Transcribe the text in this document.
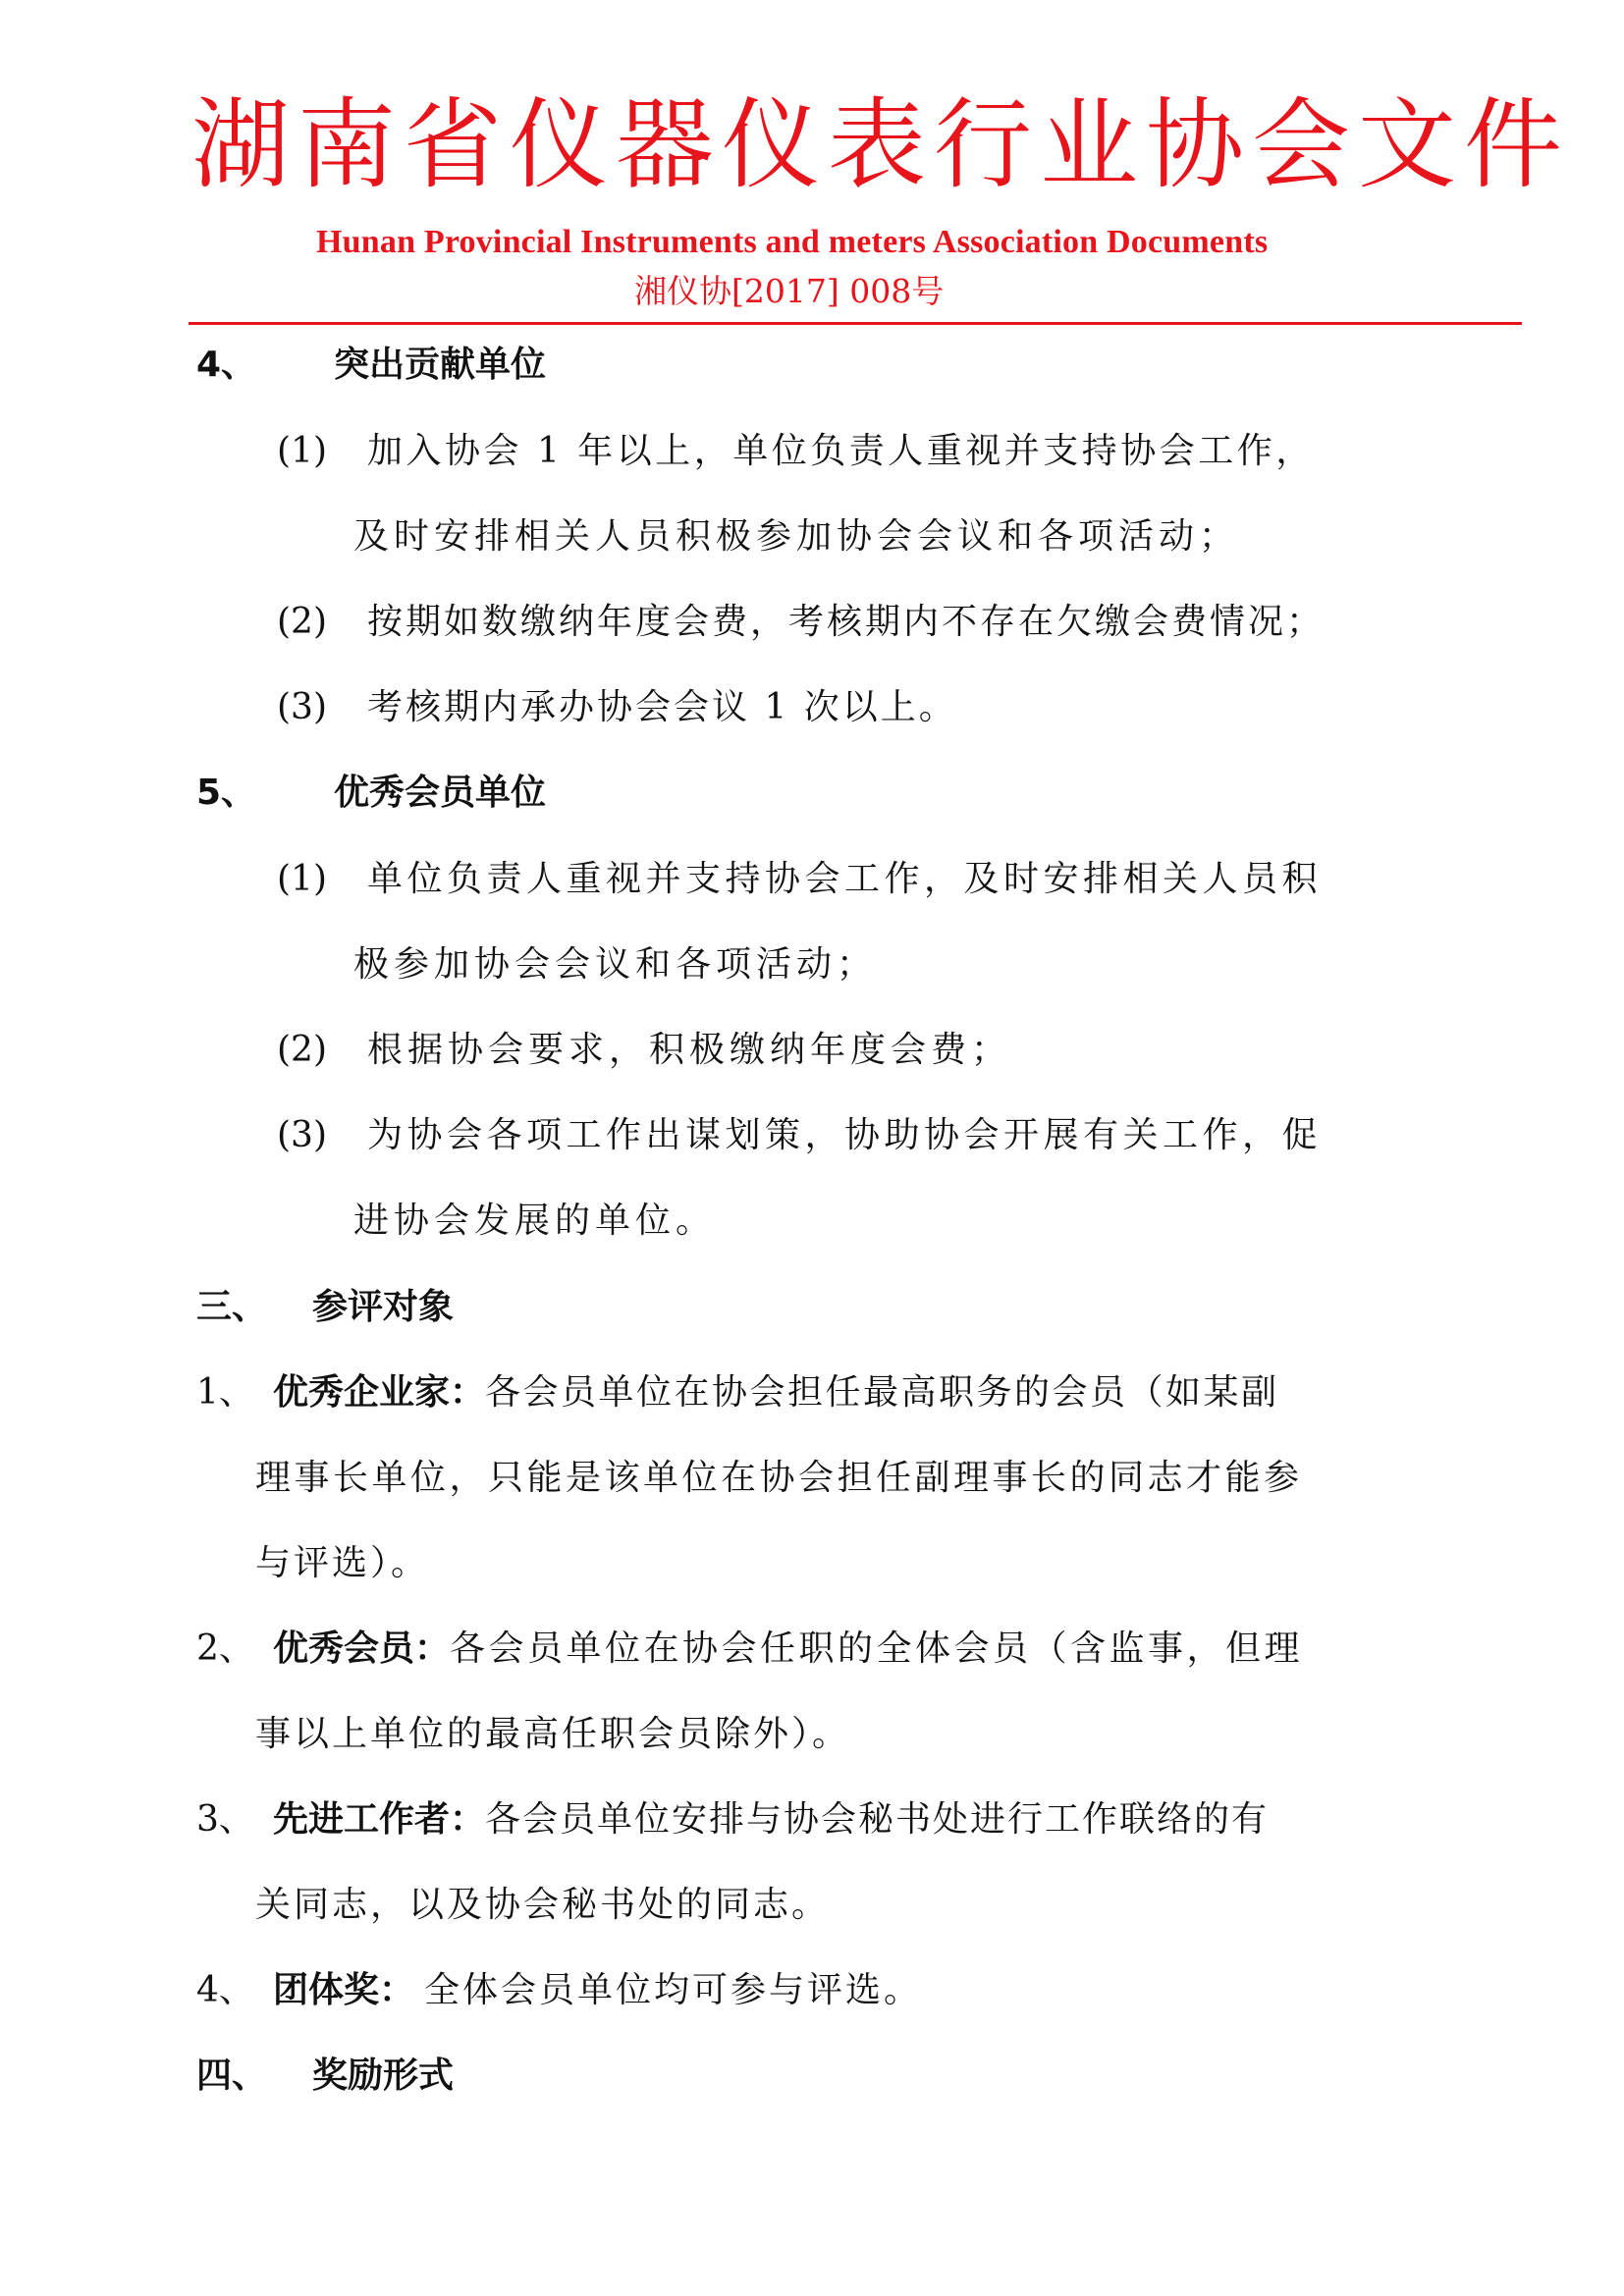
湖南省仪器仪表行业协会文件
Hunan Provincial Instruments and meters Association Documents
湘仪协[2017] 008号
4、 突出贡献单位
(1) 加入协会 1 年以上，单位负责人重视并支持协会工作，
及时安排相关人员积极参加协会会议和各项活动；
(2) 按期如数缴纳年度会费，考核期内不存在欠缴会费情况；
(3) 考核期内承办协会会议 1 次以上。
5、 优秀会员单位
(1) 单位负责人重视并支持协会工作，及时安排相关人员积
极参加协会会议和各项活动；
(2) 根据协会要求，积极缴纳年度会费；
(3) 为协会各项工作出谋划策，协助协会开展有关工作，促
进协会发展的单位。
三、 参评对象
1、 优秀企业家：各会员单位在协会担任最高职务的会员（如某副
理事长单位，只能是该单位在协会担任副理事长的同志才能参
与评选）。
2、 优秀会员：各会员单位在协会任职的全体会员（含监事，但理
事以上单位的最高任职会员除外）。
3、 先进工作者：各会员单位安排与协会秘书处进行工作联络的有
关同志，以及协会秘书处的同志。
4、 团体奖： 全体会员单位均可参与评选。
四、 奖励形式
